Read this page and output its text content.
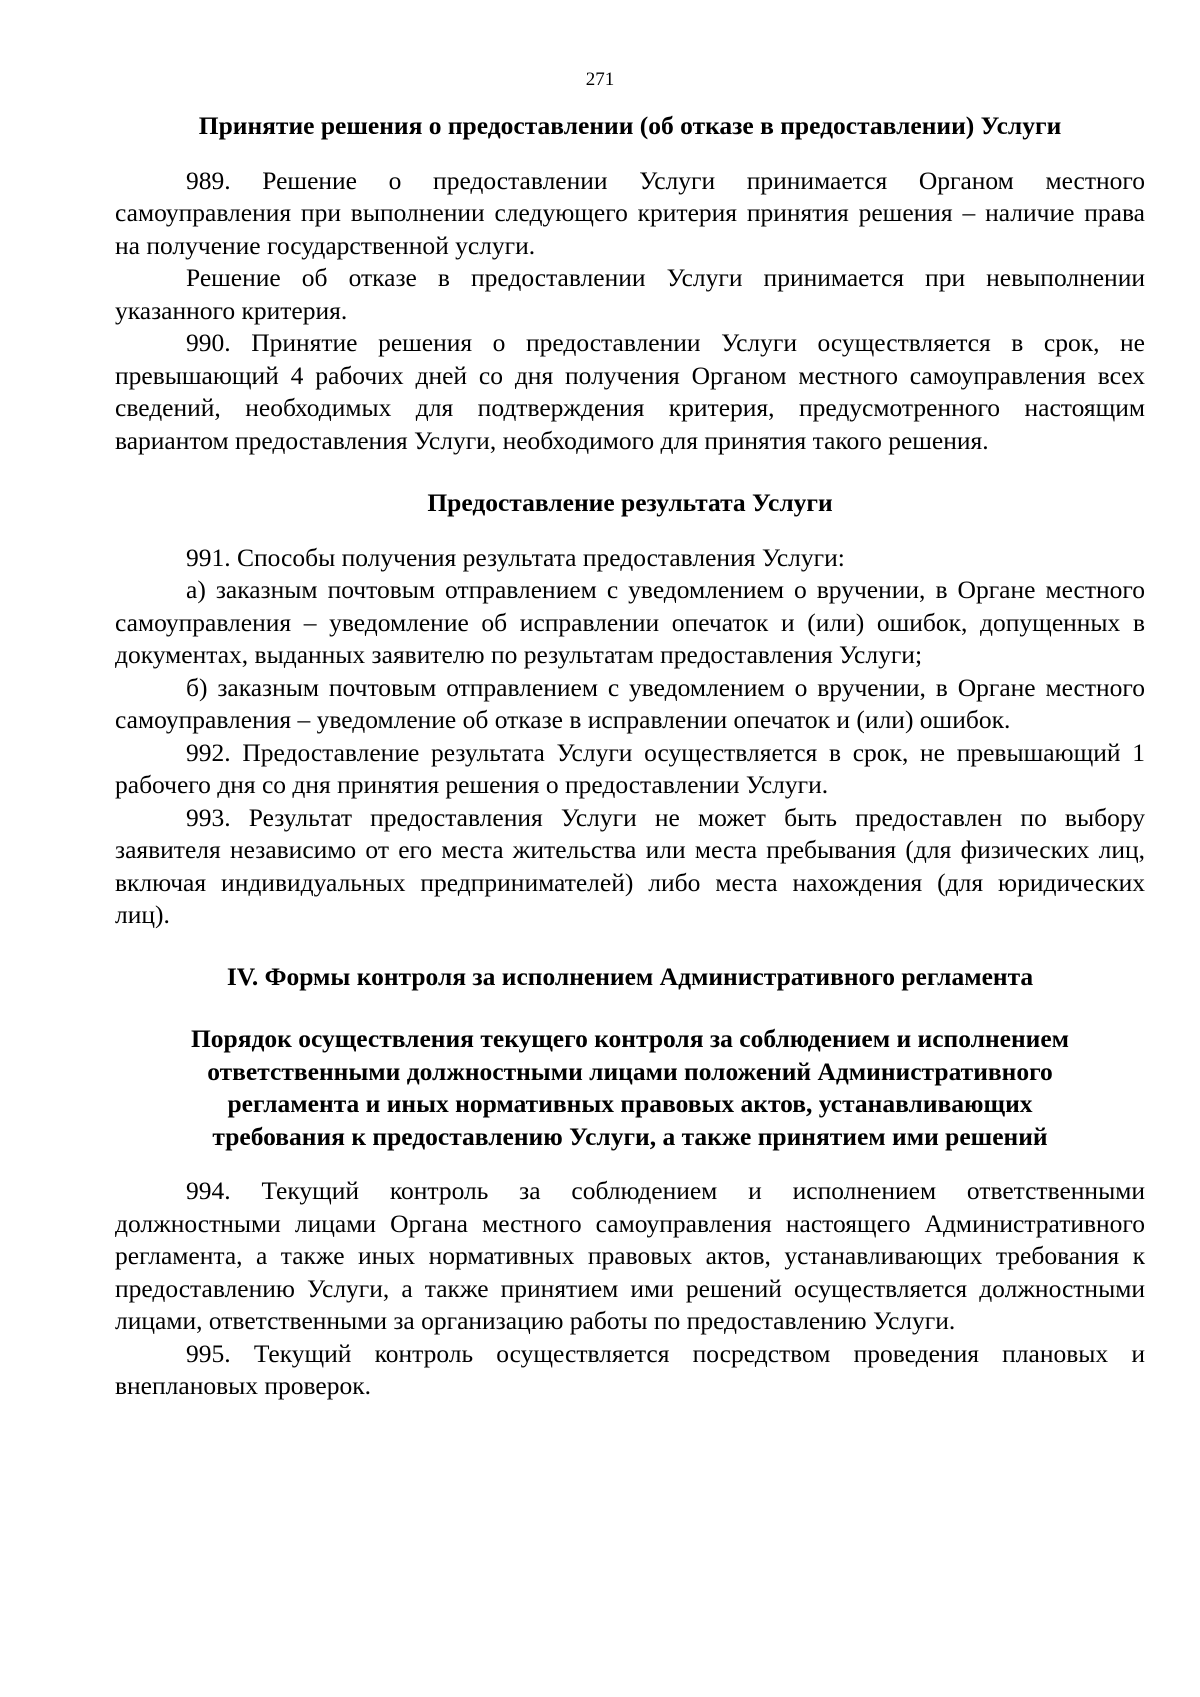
271

Принятие решения о предоставлении (об отказе в предоставлении) Услуги

989. Решение о предоставлении Услуги принимается Органом местного самоуправления при выполнении следующего критерия принятия решения – наличие права на получение государственной услуги.

Решение об отказе в предоставлении Услуги принимается при невыполнении указанного критерия.

990. Принятие решения о предоставлении Услуги осуществляется в срок, не превышающий 4 рабочих дней со дня получения Органом местного самоуправления всех сведений, необходимых для подтверждения критерия, предусмотренного настоящим вариантом предоставления Услуги, необходимого для принятия такого решения.

Предоставление результата Услуги

991. Способы получения результата предоставления Услуги:

а) заказным почтовым отправлением с уведомлением о вручении, в Органе местного самоуправления – уведомление об исправлении опечаток и (или) ошибок, допущенных в документах, выданных заявителю по результатам предоставления Услуги;

б) заказным почтовым отправлением с уведомлением о вручении, в Органе местного самоуправления – уведомление об отказе в исправлении опечаток и (или) ошибок.

992. Предоставление результата Услуги осуществляется в срок, не превышающий 1 рабочего дня со дня принятия решения о предоставлении Услуги.

993. Результат предоставления Услуги не может быть предоставлен по выбору заявителя независимо от его места жительства или места пребывания (для физических лиц, включая индивидуальных предпринимателей) либо места нахождения (для юридических лиц).

IV. Формы контроля за исполнением Административного регламента

Порядок осуществления текущего контроля за соблюдением и исполнением
ответственными должностными лицами положений Административного
регламента и иных нормативных правовых актов, устанавливающих
требования к предоставлению Услуги, а также принятием ими решений

994. Текущий контроль за соблюдением и исполнением ответственными должностными лицами Органа местного самоуправления настоящего Административного регламента, а также иных нормативных правовых актов, устанавливающих требования к предоставлению Услуги, а также принятием ими решений осуществляется должностными лицами, ответственными за организацию работы по предоставлению Услуги.

995. Текущий контроль осуществляется посредством проведения плановых и внеплановых проверок.
